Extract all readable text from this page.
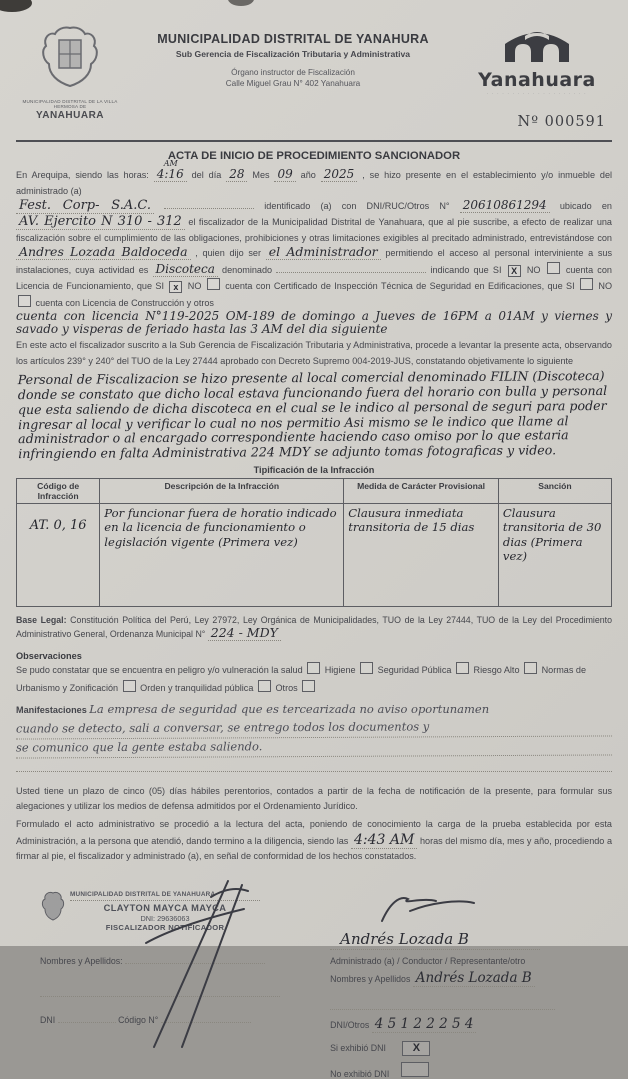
MUNICIPALIDAD DISTRITAL DE LA VILLA HERMOSA DE
YANAHUARA
MUNICIPALIDAD DISTRITAL DE YANAHURA
Sub Gerencia de Fiscalización Tributaria y Administrativa
Órgano instructor de Fiscalización
Calle Miguel Grau N° 402 Yanahuara	Yanahuara
· · · · · · · · · · · · · · · · · · · ·
Nº 000591
ACTA DE INICIO DE PROCEDIMIENTO SANCIONADOR
En Arequipa, siendo las horas: 4:16
AM
del día 28 Mes 09 año 2025 , se hizo presente en el establecimiento y/o inmueble del administrado (a)
Fest. Corp- S.A.C.	identificado (a) con DNI/RUC/Otros N° 20610861294 ubicado en AV. Ejercito N 310 - 312 el fiscalizador de la Municipalidad Distrital de Yanahuara, que al pie suscribe, a efecto de realizar una fiscalización sobre el cumplimiento de las obligaciones, prohibiciones y otras limitaciones exigibles al precitado administrado, entrevistándose con Andres Lozada Baldoceda , quien dijo ser el Administrador permitiendo el acceso al personal interviniente a sus instalaciones, cuya actividad es Discoteca denominado	indicando que SI X NO	cuenta con Licencia de Funcionamiento, que SI x NO	cuenta con Certificado de Inspección Técnica de Seguridad en Edificaciones, que SI	NO  cuenta con Licencia de Construcción y otros
cuenta con licencia N°119-2025 OM-189 de domingo a Jueves de 16PM a 01AM y viernes y savado y visperas de feriado hasta las 3 AM del dia siguiente
En este acto el fiscalizador suscrito a la Sub Gerencia de Fiscalización Tributaria y Administrativa, procede a levantar la presente acta, observando los artículos 239° y 240° del TUO de la Ley 27444 aprobado con Decreto Supremo 004-2019-JUS, constatando objetivamente lo siguiente
Personal de Fiscalizacion se hizo presente al local comercial denominado FILIN (Discoteca) donde se constato que dicho local estava funcionando fuera del horario con bulla y personal que esta saliendo de dicha discoteca en el cual se le indico al personal de seguri para poder ingresar al local y verificar lo cual no nos permitio Asi mismo se le indico que llame al administrador o al encargado correspondiente haciendo caso omiso por lo que estaria infringiendo en falta Administrativa 224 MDY se adjunto tomas fotograficas y video.
Tipificación de la Infracción
Código de Infracción	Descripción de la Infracción	Medida de Carácter Provisional	Sanción
AT. 0, 16	Por funcionar fuera de horatio indicado en la licencia de funcionamiento o legislación vigente (Primera vez)	Clausura inmediata transitoria de 15 dias	Clausura transitoria de 30 dias (Primera vez)
Base Legal: Constitución Política del Perú, Ley 27972, Ley Orgánica de Municipalidades, TUO de la Ley 27444, TUO de la Ley del Procedimiento Administrativo General, Ordenanza Municipal N° 224 - MDY
Observaciones
Se pudo constatar que se encuentra en peligro y/o vulneración la salud Higiene Seguridad Pública Riesgo Alto Normas de Urbanismo y Zonificación Orden y tranquilidad pública Otros
Manifestaciones La empresa de seguridad que es tercearizada no aviso oportunamen
cuando se detecto, sali a conversar, se entrego todos los documentos y
se comunico que la gente estaba saliendo.
Usted tiene un plazo de cinco (05) días hábiles perentorios, contados a partir de la fecha de notificación de la presente, para formular sus alegaciones y utilizar los medios de defensa admitidos por el Ordenamiento Jurídico.
Formulado el acto administrativo se procedió a la lectura del acta, poniendo de conocimiento la carga de la prueba establecida por esta Administración, a la persona que atendió, dando termino a la diligencia, siendo las 4:43 AM horas del mismo día, mes y año, procediendo a firmar al pie, el fiscalizador y administrado (a), en señal de conformidad de los hechos constatados.
MUNICIPALIDAD DISTRITAL DE YANAHUARA
CLAYTON MAYCA MAYCA
DNI: 29636063
FISCALIZADOR NOTIFICADOR
Nombres y Apellidos:
DNI	Código N°
Andrés Lozada B
Administrado (a) / Conductor / Representante/otro
Nombres y Apellidos Andrés Lozada B
DNI/Otros 4 5 1 2 2 2 5 4
Si exhibió DNI X
No exhibió DNI
